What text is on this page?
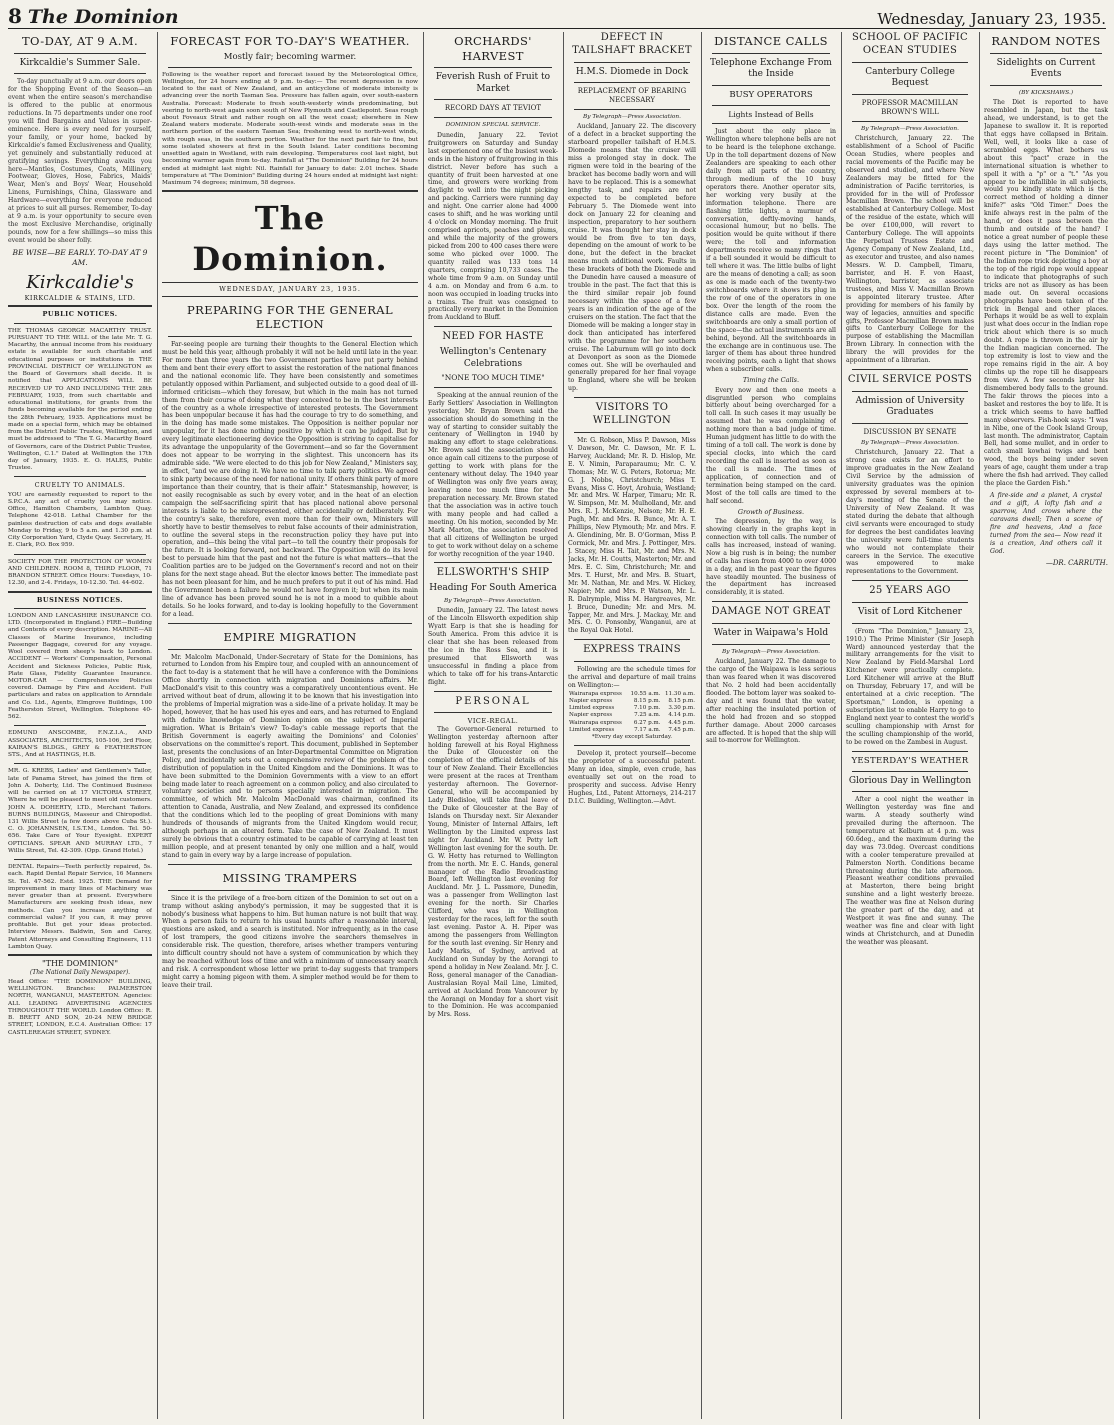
8 The Dominion	Wednesday, January 23, 1935.
TO-DAY, AT 9 A.M.
Kirkcaldie's Summer Sale.

To-day punctually at 9 a.m. our doors open for the Shopping Event of the Season—an event when the entire season's merchandise is offered to the public at enormous reductions. In 75 departments under one roof you will find Bargains and Values in super-eminence. Here is every need for yourself, your family, or your home, backed by Kirkcaldie's famed Exclusiveness and Quality, yet genuinely and substantially reduced at gratifying savings. Everything awaits you here—Mantles, Costumes, Coats, Millinery, Footwear, Gloves, Hose, Fabrics, Maids' Wear, Men's and Boys' Wear, Household Linens, Furnishings, China, Glassware and Hardware—everything for everyone reduced at prices to suit all purses. Remember, To-day at 9 a.m. is your opportunity to secure even the most Exclusive Merchandise, originally pounds, now for a few shillings—so miss this event would be sheer folly.

BE WISE—BE EARLY. TO-DAY AT 9 AM.
Kirkcaldie's
KIRKCALDIE & STAINS, LTD.
PUBLIC NOTICES.
THE THOMAS GEORGE MACARTHY TRUST. PURSUANT TO THE WILL of the late Mr. T. G. Macarthy, the annual income from his residuary estate is available for such charitable and educational purposes or institutions in THE PROVINCIAL DISTRICT OF WELLINGTON as the Board of Governors shall decide. It is notified that APPLICATIONS WILL BE RECEIVED UP TO AND INCLUDING THE 28th FEBRUARY, 1935, from such charitable and educational institutions, for grants from the funds becoming available for the period ending the 28th February, 1935. Applications must be made on a special form, which may be obtained from the District Public Trustee, Wellington, and must be addressed to "The T. G. Macarthy Board of Governors, care of the District Public Trustee, Wellington, C.1." Dated at Wellington the 17th day of January, 1935. E. O. HALES, Public Trustee.
CRUELTY TO ANIMALS.
YOU are earnestly requested to report to the S.P.C.A. any act of cruelty you may notice. Office, Hamilton Chambers, Lambton Quay. Telephone 42-018. Lethal Chamber for the painless destruction of cats and dogs available Monday to Friday, 9 to 5 a.m. and 1.30 p.m. at City Corporation Yard, Clyde Quay. Secretary, H. E. Clark, P.O. Box 959.
SOCIETY FOR THE PROTECTION OF WOMEN AND CHILDREN. ROOM 8, THIRD FLOOR, 71 BRANDON STREET. Office Hours: Tuesdays, 10-12.30, and 2-4. Fridays, 10-12.30. Tel. 44-602.
BUSINESS NOTICES.
LONDON AND LANCASHIRE INSURANCE CO. LTD. (Incorporated in England.) FIRE—Building and Contents of every description. MARINE—All Classes of Marine Insurance, including Passenger Baggage, covered for any voyage. Wool covered from sheep's back to London. ACCIDENT — Workers' Compensation, Personal Accident and Sickness Policies, Public Risk, Plate Glass, Fidelity Guarantee Insurance. MOTOR-CAR — Comprehensive Policies covered. Damage by Fire and Accident. Full particulars and rates on application to Arnndale and Co. Ltd., Agents, Elmgrove Buildings, 100 Featherston Street, Wellington. Telephone 40-562.
EDMUND ANSCOMBE, F.N.Z.I.A., AND ASSOCIATES, ARCHITECTS, 105-106, 3rd Floor, KAIRAN'S BLDGS., GREY & FEATHERSTON STS., And at HASTINGS, H.B.
MR. G. KREBS, Ladies' and Gentlemen's Tailor, late of Panama Street, has joined the firm of John A. Doherty, Ltd. The Continued Business will be carried on at 17 VICTORIA STREET, Where he will be pleased to meet old customers. JOHN A. DOHERTY, LTD., Merchant Tailors. BURNS BUILDINGS, Masseur and Chiropodist. 131 Willis Street (a few doors above Cuba St.). C. O. JOHANNSEN, I.S.T.M., London. Tel. 50-656. Take Care of Your Eyesight. EXPERT OPTICIANS. SPEAR AND MURRAY LTD., 7 Willis Street, Tel. 42-309. (Opp. Grand Hotel.)
DENTAL Repairs—Teeth perfectly repaired, 5s. each. Rapid Dental Repair Service, 16 Manners St. Tel. 47-562. Estd. 1925. THE Demand for improvement in many lines of Machinery was never greater than at present. Everywhere Manufacturers are seeking fresh ideas, new methods. Can you increase anything of commercial value? If you can, it may prove profitable. But get your ideas protected. Interview Messrs. Baldwin, Son and Carey, Patent Attorneys and Consulting Engineers, 111 Lambton Quay.
"THE DOMINION"
(The National Daily Newspaper).
Head Office: "THE DOMINION" BUILDING, WELLINGTON. Branches: PALMERSTON NORTH, WANGANUI, MASTERTON. Agencies: ALL LEADING ADVERTISING AGENCIES THROUGHOUT THE WORLD. London Office: R. B. BRETT AND SON, 20-24 NEW BRIDGE STREET, LONDON, E.C.4. Australian Office: 17 CASTLEREAGH STREET, SYDNEY.
FORECAST FOR TO-DAY'S WEATHER.
Mostly fair; becoming warmer.
Following is the weather report and forecast issued by the Meteorological Office, Wellington, for 24 hours ending at 9 p.m. to-day:— The recent depression is now located to the east of New Zealand, and an anticyclone of moderate intensity is advancing over the north Tasman Sea. Pressure has fallen again, over south-eastern Australia. Forecast: Moderate to fresh south-westerly winds predominating, but veering to north-west again soon south of New Plymouth and Castlepoint. Seas rough about Foveaux Strait and rather rough on all the west coast; elsewhere in New Zealand waters moderate. Moderate south-west winds and moderate seas in the northern portion of the eastern Tasman Sea; freshening west to north-west winds, with rough seas, in the southern portion. Weather for the next part fair to fine, but some isolated showers at first in the South Island. Later conditions becoming unsettled again in Westland, with rain developing. Temperatures cool last night, but becoming warmer again from to-day. Rainfall at "The Dominion" Building for 24 hours ended at midnight last night: Nil. Rainfall for January to date: 2.01 inches. Shade temperature at "The Dominion" Building during 24 hours ended at midnight last night: Maximum 74 degrees; minimum, 58 degrees.
The Dominion.
WEDNESDAY, JANUARY 23, 1935.
PREPARING FOR THE GENERAL ELECTION

Far-seeing people are turning their thoughts to the General Election which must be held this year, although probably it will not be held until late in the year. For more than three years the two Government parties have put party behind them and bent their every effort to assist the restoration of the national finances and the national economic life. They have been consistently and sometimes petulantly opposed within Parliament, and subjected outside to a good deal of ill-informed criticism—which they foresaw, but which in the main has not turned them from their course of doing what they conceived to be in the best interests of the country as a whole irrespective of interested protests. The Government has been unpopular because it has had the courage to try to do something, and in the doing has made some mistakes. The Opposition is neither popular nor unpopular, for it has done nothing positive by which it can be judged. But by every legitimate electioneering device the Opposition is striving to capitalise for its advantage the unpopularity of the Government—and so far the Government does not appear to be worrying in the slightest. This unconcern has its admirable side. "We were elected to do this job for New Zealand," Ministers say, in effect, "and we are doing it. We have no time to talk party politics. We agreed to sink party because of the need for national unity. If others think party of more importance than their country, that is their affair." Statesmanship, however, is not easily recognisable as such by every voter, and in the heat of an election campaign the self-sacrificing spirit that has placed national above personal interests is liable to be misrepresented, either accidentally or deliberately. For the country's sake, therefore, even more than for their own, Ministers will shortly have to bestir themselves to rebut false accounts of their administration, to outline the several steps in the reconstruction policy they have put into operation, and—this being the vital part—to tell the country their proposals for the future. It is looking forward, not backward. The Opposition will do its level best to persuade him that the past and not the future is what matters—that the Coalition parties are to be judged on the Government's record and not on their plans for the next stage ahead. But the elector knows better. The immediate past has not been pleasant for him, and he much prefers to put it out of his mind. Had the Government been a failure he would not have forgiven it; but when its main line of advance has been proved sound he is not in a mood to quibble about details. So he looks forward, and to-day is looking hopefully to the Government for a lead.

EMPIRE MIGRATION

Mr. Malcolm MacDonald, Under-Secretary of State for the Dominions, has returned to London from his Empire tour, and coupled with an announcement of the fact to-day is a statement that he will have a conference with the Dominions Office shortly in connection with migration and Dominions affairs. Mr. MacDonald's visit to this country was a comparatively uncontentious event. He arrived without beat of drum, allowing it to be known that his investigation into the problems of Imperial migration was a side-line of a private holiday. It may be hoped, however, that he has used his eyes and ears, and has returned to England with definite knowledge of Dominion opinion on the subject of Imperial migration. What is Britain's view? To-day's cable message reports that the British Government is eagerly awaiting the Dominions' and Colonies' observations on the committee's report. This document, published in September last, presents the conclusions of an Inter-Departmental Committee on Migration Policy, and incidentally sets out a comprehensive review of the problem of the distribution of population in the United Kingdom and the Dominions. It was to have been submitted to the Dominion Governments with a view to an effort being made later to reach agreement on a common policy, and also circulated to voluntary societies and to persons specially interested in migration. The committee, of which Mr. Malcolm MacDonald was chairman, confined its attention to Canada, Australia, and New Zealand, and expressed its confidence that the conditions which led to the peopling of great Dominions with many hundreds of thousands of migrants from the United Kingdom would recur, although perhaps in an altered form. Take the case of New Zealand. It must surely be obvious that a country estimated to be capable of carrying at least ten million people, and at present tenanted by only one million and a half, would stand to gain in every way by a large increase of population.

MISSING TRAMPERS

Since it is the privilege of a free-born citizen of the Dominion to set out on a tramp without asking anybody's permission, it may be suggested that it is nobody's business what happens to him. But human nature is not built that way. When a person fails to return to his usual haunts after a reasonable interval, questions are asked, and a search is instituted. Nor infrequently, as in the case of lost trampers, the good citizens involve the searchers themselves in considerable risk. The question, therefore, arises whether trampers venturing into difficult country should not have a system of communication by which they may be reached without loss of time and with a minimum of unnecessary search and risk. A correspondent whose letter we print to-day suggests that trampers might carry a homing pigeon with them. A simpler method would be for them to leave their trail.

ORCHARDS' HARVEST
Feverish Rush of Fruit to Market
RECORD DAYS AT TEVIOT
DOMINION SPECIAL SERVICE.

Dunedin, January 22. Teviot fruitgrowers on Saturday and Sunday last experienced one of the busiest week-ends in the history of fruitgrowing in this district. Never before has such a quantity of fruit been harvested at one time, and growers were working from daylight to well into the night picking and packing. Carriers were running day and night. One carrier alone had 4000 cases to shift, and he was working until 4 o'clock on Monday morning. The fruit comprised apricots, peaches and plums, and while the majority of the growers picked from 200 to 400 cases there were some who picked over 1000. The quantity railed was 133 tons 14 quarters, comprising 10,733 cases. The whole time from 9 a.m. on Sunday until 4 a.m. on Monday and from 6 a.m. to noon was occupied in loading trucks into a trains. The fruit was consigned to practically every market in the Dominion from Auckland to Bluff.

NEED FOR HASTE
Wellington's Centenary Celebrations
"NONE TOO MUCH TIME"

Speaking at the annual reunion of the Early Settlers' Association in Wellington yesterday, Mr. Bryan Brown said the association should do something in the way of starting to consider suitably the centenary of Wellington in 1940 by making any effort to stage celebrations. Mr. Brown said the association should once again call citizens to the purpose of getting to work with plans for the centenary without delay. The 1940 year of Wellington was only five years away, leaving none too much time for the preparation necessary. Mr. Brown stated that the association was in active touch with many people and had called a meeting. On his motion, seconded by Mr. Mark Marton, the association resolved that all citizens of Wellington be urged to get to work without delay on a scheme for worthy recognition of the year 1940.

ELLSWORTH'S SHIP
Heading For South America
By Telegraph—Press Association.

Dunedin, January 22. The latest news of the Lincoln Ellsworth expedition ship Wyatt Earp is that she is heading for South America. From this advice it is clear that she has been released from the ice in the Ross Sea, and it is presumed that Ellsworth was unsuccessful in finding a place from which to take off for his trans-Antarctic flight.

PERSONAL
VICE-REGAL.

The Governor-General returned to Wellington yesterday afternoon after holding farewell at his Royal Highness the Duke of Gloucester on the completion of the official details of his tour of New Zealand. Their Excellencies were present at the races at Trentham yesterday afternoon. The Governor-General, who will be accompanied by Lady Bledisloe, will take final leave of the Duke of Gloucester at the Bay of Islands on Thursday next. Sir Alexander Young, Minister of Internal Affairs, left Wellington by the Limited express last night for Auckland. Mr. W. Petty left Wellington last evening for the south. Dr. G. W. Hetty has returned to Wellington from the north. Mr. E. C. Hands, general manager of the Radio Broadcasting Board, left Wellington last evening for Auckland. Mr. J. L. Passmore, Dunedin, was a passenger from Wellington last evening for the north. Sir Charles Clifford, who was in Wellington yesterday for the races, left for the south last evening. Pastor A. H. Piper was among the passengers from Wellington for the south last evening. Sir Henry and Lady Marks, of Sydney, arrived at Auckland on Sunday by the Aorangi to spend a holiday in New Zealand. Mr. J. C. Ross, general manager of the Canadian-Australasian Royal Mail Line, Limited, arrived at Auckland from Vancouver by the Aorangi on Monday for a short visit to the Dominion. He was accompanied by Mrs. Ross.

DEFECT IN TAILSHAFT BRACKET
H.M.S. Diomede in Dock
REPLACEMENT OF BEARING NECESSARY
By Telegraph—Press Association.

Auckland, January 22. The discovery of a defect in a bracket supporting the starboard propeller tailshaft of H.M.S. Diomede means that the cruiser will miss a prolonged stay in dock. The rigmen were told in the bearing of the bracket has become badly worn and will have to be replaced. This is a somewhat lengthy task, and repairs are not expected to be completed before February 5. The Diomede went into dock on January 22 for cleaning and inspection, preparatory to her southern cruise. It was thought her stay in dock would be from five to ten days, depending on the amount of work to be done, but the defect in the bracket means much additional work. Faults in these brackets of both the Diomede and the Dunedin have caused a measure of trouble in the past. The fact that this is the third similar repair job found necessary within the space of a few years is an indication of the age of the cruisers on the station. The fact that the Diomede will be making a longer stay in dock than anticipated has interfered with the programme for her southern cruise. The Laburnum will go into dock at Devonport as soon as the Diomede comes out. She will be overhauled and generally prepared for her final voyage to England, where she will be broken up.

VISITORS TO WELLINGTON

Mr. G. Robson, Miss P. Dawson, Miss V. Dawson, Mr. C. Dawson, Mr. F. L. Harvey, Auckland; Mr. R. D. Hislop, Mr. E. V. Nimin, Paraparaumu; Mr. C. V. Thomas; Mr. W. G. Peters, Rotorua; Mr. G. J. Nobbs, Christchurch; Miss T. Evans, Miss C. Hoyt, Arohuia, Westland; Mr. and Mrs. W. Harper, Timaru; Mr. R. W. Simpson, Mr. M. Mulholland, Mr. and Mrs. R. J. McKenzie, Nelson; Mr. H. E. Pugh, Mr. and Mrs. R. Bunce, Mr. A. T. Phillips, New Plymouth; Mr. and Mrs. F. A. Glendining, Mr. B. O'Gorman, Miss P. Cormick, Mr. and Mrs. J. Pottinger, Mrs. J. Stacey, Miss H. Tait, Mr. and Mrs. N. Jacks, Mr. H. Coutts, Masterton; Mr. and Mrs. E. C. Sim, Christchurch; Mr. and Mrs. T. Hurst, Mr. and Mrs. B. Stuart, Mr. M. Nathan, Mr. and Mrs. W. Hickey, Napier; Mr. and Mrs. P. Watson, Mr. L. R. Dalrymple, Miss M. Hargreaves, Mr. J. Bruce, Dunedin; Mr. and Mrs. M. Tapper, Mr. and Mrs. J. Mackay, Mr. and Mrs. C. O. Ponsonby, Wanganui, are at the Royal Oak Hotel.

EXPRESS TRAINS

Following are the schedule times for the arrival and departure of mail trains on Wellington:—

Wairarapa express	10.55 a.m.	11.30 a.m.
Napier express	8.15 p.m.	8.15 p.m.
Limited express	7.10 p.m.	3.30 p.m.
Napier express	7.25 a.m.	4.14 p.m.
Wairarapa express	6.27 p.m.	4.45 p.m.
Limited express	7.17 a.m.	7.45 p.m.
*Every day except Saturday.

Develop it, protect yourself—become the proprietor of a successful patent. Many an idea, simple, even crude, has eventually set out on the road to prosperity and success. Advise Henry Hughes, Ltd., Patent Attorneys, 214-217 D.I.C. Building, Wellington.—Advt.

DISTANCE CALLS
Telephone Exchange From the Inside
BUSY OPERATORS
Lights Instead of Bells

Just about the only place in Wellington where telephone bells are not to be heard is the telephone exchange. Up in the toll department dozens of New Zealanders are speaking to each other daily from all parts of the country, through medium of the 10 busy operators there. Another operator sits, her working very busily at the information telephone. There are flashing little lights, a murmur of conversation, deftly-moving hands, occasional humour, but no bells. The position would be quite without if there were; the toll and information departments receive so many rings that if a bell sounded it would be difficult to tell where it was. The little bulbs of light are the means of denoting a call; as soon as one is made each of the twenty-two switchboards where it shows its plug in the row of one of the operators in one box. Over the length of the room the distance calls are made. Even the switchboards are only a small portion of the space—the actual instruments are all behind, beyond. All the switchboards in the exchange are in continuous use. The larger of them has about three hundred receiving points, each a light that shows when a subscriber calls.

Timing the Calls.

Every now and then one meets a disgruntled person who complains bitterly about being overcharged for a toll call. In such cases it may usually be assumed that he was complaining of nothing more than a bad judge of time. Human judgment has little to do with the timing of a toll call. The work is done by special clocks, into which the card recording the call is inserted as soon as the call is made. The times of application, of connection and of termination being stamped on the card. Most of the toll calls are timed to the half second.

Growth of Business.

The depression, by the way, is showing clearly in the graphs kept in connection with toll calls. The number of calls has increased, instead of waning. Now a big rush is in being; the number of calls has risen from 4000 to over 4000 in a day, and in the past year the figures have steadily mounted. The business of the department has increased considerably, it is stated.

DAMAGE NOT GREAT
Water in Waipawa's Hold
By Telegraph—Press Association.

Auckland, January 22. The damage to the cargo of the Waipawa is less serious than was feared when it was discovered that No. 2 hold had been accidentally flooded. The bottom layer was soaked to-day and it was found that the water, after reaching the insulated portion of the hold had frozen and so stopped further damage. About 2000 carcases are affected. It is hoped that the ship will sail to-morrow for Wellington.

SCHOOL OF PACIFIC OCEAN STUDIES
Canterbury College Bequest
PROFESSOR MACMILLAN BROWN'S WILL
By Telegraph—Press Association.

Christchurch, January 22. The establishment of a School of Pacific Ocean Studies, where peoples and racial movements of the Pacific may be observed and studied, and where New Zealanders may be fitted for the administration of Pacific territories, is provided for in the will of Professor Macmillan Brown. The school will be established at Canterbury College. Most of the residue of the estate, which will be over £100,000, will revert to Canterbury College. The will appoints the Perpetual Trustees Estate and Agency Company of New Zealand, Ltd., as executor and trustee, and also names Messrs. W. D. Campbell, Timaru, barrister, and H. F. von Haast, Wellington, barrister, as associate trustees, and Miss V. Macmillan Brown is appointed literary trustee. After providing for members of his family by way of legacies, annuities and specific gifts, Professor Macmillan Brown makes gifts to Canterbury College for the purpose of establishing the Macmillan Brown Library. In connection with the library the will provides for the appointment of a librarian.

CIVIL SERVICE POSTS
Admission of University Graduates
DISCUSSION BY SENATE
By Telegraph—Press Association.

Christchurch, January 22. That a strong case exists for an effort to improve graduates in the New Zealand Civil Service by the admission of university graduates was the opinion expressed by several members at to-day's meeting of the Senate of the University of New Zealand. It was stated during the debate that although civil servants were encouraged to study for degrees the best candidates leaving the university were full-time students who would not contemplate their careers in the Service. The executive was empowered to make representations to the Government.

25 YEARS AGO
Visit of Lord Kitchener

(From "The Dominion," January 23, 1910.) The Prime Minister (Sir Joseph Ward) announced yesterday that the military arrangements for the visit to New Zealand by Field-Marshal Lord Kitchener were practically complete. Lord Kitchener will arrive at the Bluff on Thursday, February 17, and will be entertained at a civic reception. "The Sportsman," London, is opening a subscription list to enable Harry to go to England next year to contest the world's sculling championship with Arnst for the sculling championship of the world, to be rowed on the Zambesi in August.

YESTERDAY'S WEATHER
Glorious Day in Wellington

After a cool night the weather in Wellington yesterday was fine and warm. A steady southerly wind prevailed during the afternoon. The temperature at Kelburn at 4 p.m. was 60.6deg., and the maximum during the day was 73.0deg. Overcast conditions with a cooler temperature prevailed at Palmerston North. Conditions became threatening during the late afternoon. Pleasant weather conditions prevailed at Masterton, there being bright sunshine and a light westerly breeze. The weather was fine at Nelson during the greater part of the day, and at Westport it was fine and sunny. The weather was fine and clear with light winds at Christchurch, and at Dunedin the weather was pleasant.

RANDOM NOTES
Sidelights on Current Events
(BY KICKSHAWS.)

The Diet is reported to have resembled in Japan, but the task ahead, we understand, is to get the Japanese to swallow it. It is reported that eggs have collapsed in Britain. Well, well, it looks like a case of scrambled eggs. What bothers us about this "pact" craze in the international situation is whether to spell it with a "p" or a "t." "As you appear to be infallible in all subjects, would you kindly state which is the correct method of holding a dinner knife?" asks "Old Timer." Does the knife always rest in the palm of the hand, or does it pass between the thumb and outside of the hand? I notice a great number of people these days using the latter method. The recent picture in "The Dominion" of the Indian rope trick depicting a boy at the top of the rigid rope would appear to indicate that photographs of such tricks are not as illusory as has been made out. On several occasions photographs have been taken of the trick in Bengal and other places. Perhaps it would be as well to explain just what does occur in the Indian rope trick about which there is so much doubt. A rope is thrown in the air by the Indian magician concerned. The top extremity is lost to view and the rope remains rigid in the air. A boy climbs up the rope till he disappears from view. A few seconds later his dismembered body falls to the ground. The fakir throws the pieces into a basket and restores the boy to life. It is a trick which seems to have baffled many observers. Fish-hook says: "I was in Nibe, one of the Cook Island Group, last month. The administrator, Captain Bell, had some mullet, and in order to catch small kowhai twigs and bent wood, the boys being under seven years of age, caught them under a trap where the fish had arrived. They called the place the Garden Fish."

A fire-side and a planet, A crystal and a gift, A lofty fish and a sparrow, And crows where the caravans dwell; Then a scene of fire and heavens, And a face turned from the sea— Now read it is a creation, And others call it God.
—DR. CARRUTH.
